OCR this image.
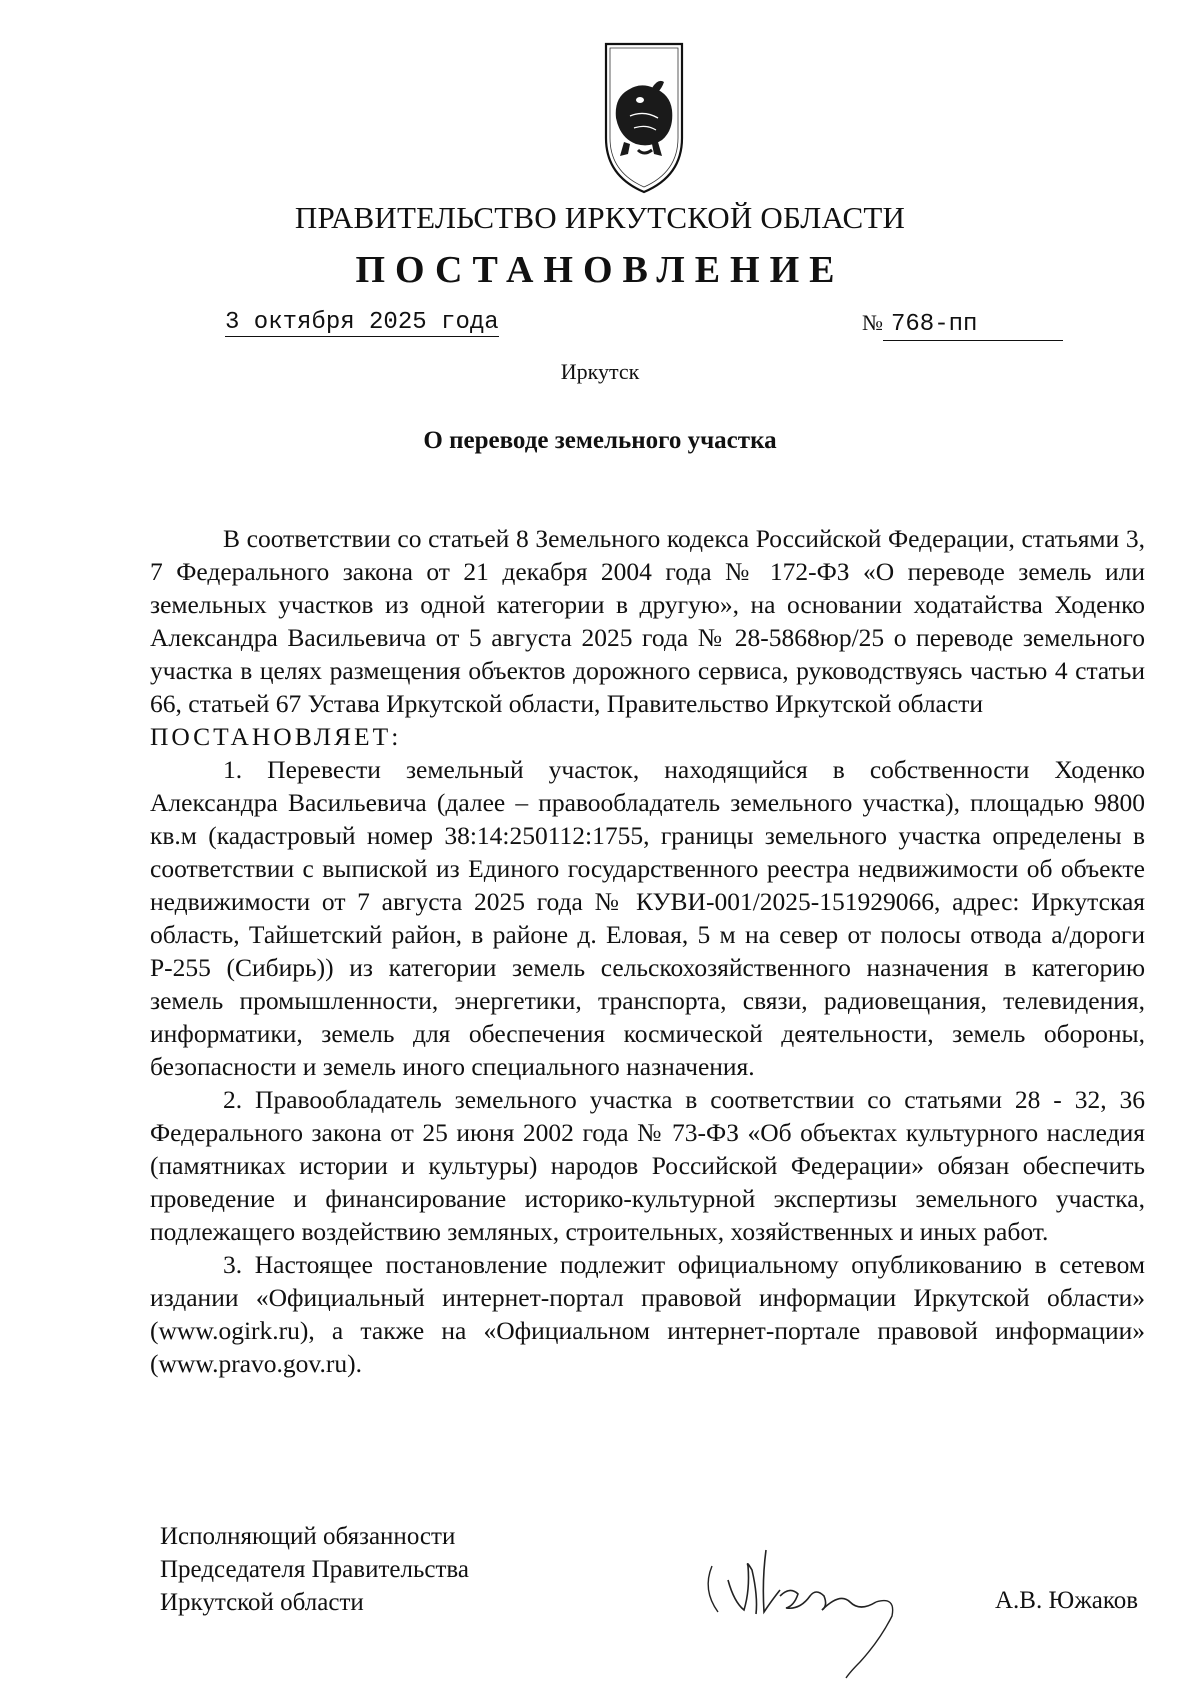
ПРАВИТЕЛЬСТВО ИРКУТСКОЙ ОБЛАСТИ
ПОСТАНОВЛЕНИЕ
3 октября 2025 года	№ 768-пп
Иркутск
О переводе земельного участка

В соответствии со статьей 8 Земельного кодекса Российской Федерации, статьями 3, 7 Федерального закона от 21 декабря 2004 года № 172-ФЗ «О переводе земель или земельных участков из одной категории в другую», на основании ходатайства Ходенко Александра Васильевича от 5 августа 2025 года № 28-5868юр/25 о переводе земельного участка в целях размещения объектов дорожного сервиса, руководствуясь частью 4 статьи 66, статьей 67 Устава Иркутской области, Правительство Иркутской области

ПОСТАНОВЛЯЕТ:

1. Перевести земельный участок, находящийся в собственности Ходенко Александра Васильевича (далее – правообладатель земельного участка), площадью 9800 кв.м (кадастровый номер 38:14:250112:1755, границы земельного участка определены в соответствии с выпиской из Единого государственного реестра недвижимости об объекте недвижимости от 7 августа 2025 года № КУВИ-001/2025-151929066, адрес: Иркутская область, Тайшетский район, в районе д. Еловая, 5 м на север от полосы отвода а/дороги Р-255 (Сибирь)) из категории земель сельскохозяйственного назначения в категорию земель промышленности, энергетики, транспорта, связи, радиовещания, телевидения, информатики, земель для обеспечения космической деятельности, земель обороны, безопасности и земель иного специального назначения.

2. Правообладатель земельного участка в соответствии со статьями 28 - 32, 36 Федерального закона от 25 июня 2002 года № 73-ФЗ «Об объектах культурного наследия (памятниках истории и культуры) народов Российской Федерации» обязан обеспечить проведение и финансирование историко-культурной экспертизы земельного участка, подлежащего воздействию земляных, строительных, хозяйственных и иных работ.

3. Настоящее постановление подлежит официальному опубликованию в сетевом издании «Официальный интернет-портал правовой информации Иркутской области» (www.ogirk.ru), а также на «Официальном интернет-портале правовой информации» (www.pravo.gov.ru).

Исполняющий обязанности
Председателя Правительства
Иркутской области	А.В. Южаков
